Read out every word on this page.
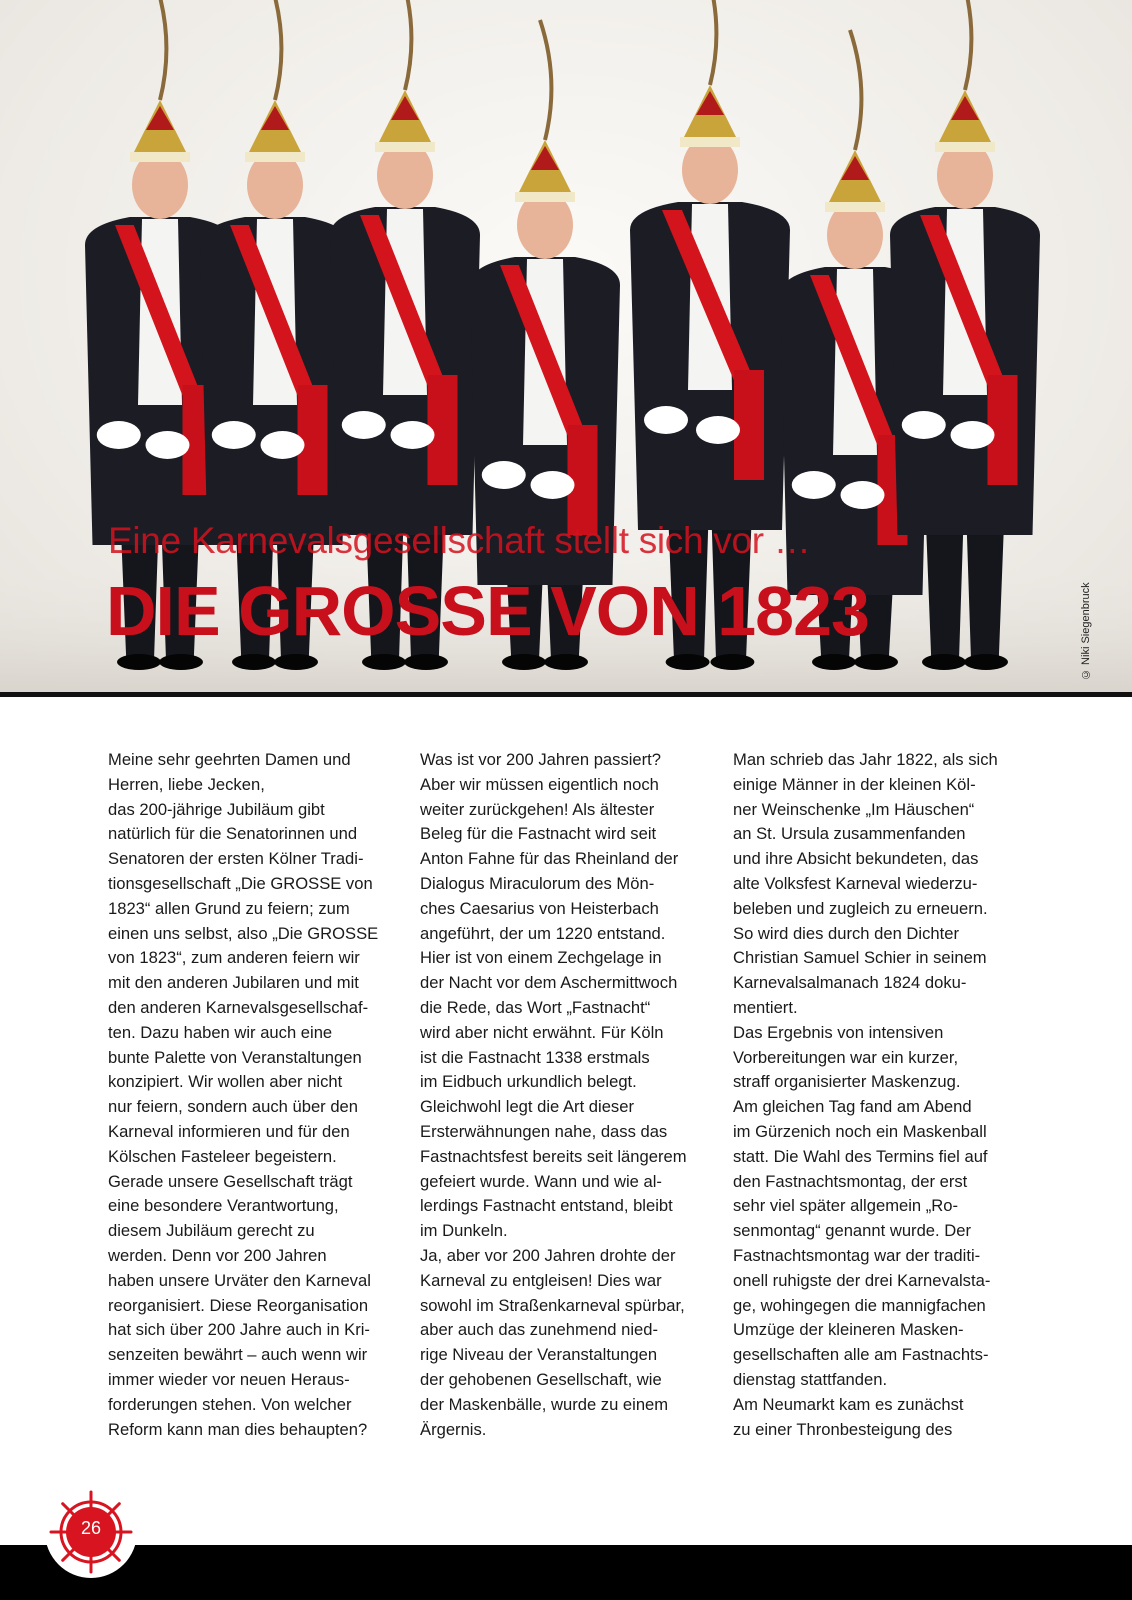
Eine Karnevalsgesellschaft stellt sich vor …
DIE GROSSE VON 1823	© Niki Siegenbruck
Meine sehr geehrten Damen und
Herren, liebe Jecken,
das 200-jährige Jubiläum gibt
natürlich für die Senatorinnen und
Senatoren der ersten Kölner Tradi-
tionsgesellschaft „Die GROSSE von
1823“ allen Grund zu feiern; zum
einen uns selbst, also „Die GROSSE
von 1823“, zum anderen feiern wir
mit den anderen Jubilaren und mit
den anderen Karnevalsgesellschaf-
ten. Dazu haben wir auch eine
bunte Palette von Veranstaltungen
konzipiert. Wir wollen aber nicht
nur feiern, sondern auch über den
Karneval informieren und für den
Kölschen Fasteleer begeistern.
Gerade unsere Gesellschaft trägt
eine besondere Verantwortung,
diesem Jubiläum gerecht zu
werden. Denn vor 200 Jahren
haben unsere Urväter den Karneval
reorganisiert. Diese Reorganisation
hat sich über 200 Jahre auch in Kri-
senzeiten bewährt – auch wenn wir
immer wieder vor neuen Heraus-
forderungen stehen. Von welcher
Reform kann man dies behaupten?
Was ist vor 200 Jahren passiert?
Aber wir müssen eigentlich noch
weiter zurückgehen! Als ältester
Beleg für die Fastnacht wird seit
Anton Fahne für das Rheinland der
Dialogus Miraculorum des Mön-
ches Caesarius von Heisterbach
angeführt, der um 1220 entstand.
Hier ist von einem Zechgelage in
der Nacht vor dem Aschermittwoch
die Rede, das Wort „Fastnacht“
wird aber nicht erwähnt. Für Köln
ist die Fastnacht 1338 erstmals
im Eidbuch urkundlich belegt.
Gleichwohl legt die Art dieser
Ersterwähnungen nahe, dass das
Fastnachtsfest bereits seit längerem
gefeiert wurde. Wann und wie al-
lerdings Fastnacht entstand, bleibt
im Dunkeln.
Ja, aber vor 200 Jahren drohte der
Karneval zu entgleisen! Dies war
sowohl im Straßenkarneval spürbar,
aber auch das zunehmend nied-
rige Niveau der Veranstaltungen
der gehobenen Gesellschaft, wie
der Maskenbälle, wurde zu einem
Ärgernis.
Man schrieb das Jahr 1822, als sich
einige Männer in der kleinen Köl-
ner Weinschenke „Im Häuschen“
an St. Ursula zusammenfanden
und ihre Absicht bekundeten, das
alte Volksfest Karneval wiederzu-
beleben und zugleich zu erneuern.
So wird dies durch den Dichter
Christian Samuel Schier in seinem
Karnevalsalmanach 1824 doku-
mentiert.
Das Ergebnis von intensiven
Vorbereitungen war ein kurzer,
straff organisierter Maskenzug.
Am gleichen Tag fand am Abend
im Gürzenich noch ein Maskenball
statt. Die Wahl des Termins fiel auf
den Fastnachtsmontag, der erst
sehr viel später allgemein „Ro-
senmontag“ genannt wurde. Der
Fastnachtsmontag war der traditi-
onell ruhigste der drei Karnevalsta-
ge, wohingegen die mannigfachen
Umzüge der kleineren Masken-
gesellschaften alle am Fastnachts-
dienstag stattfanden.
Am Neumarkt kam es zunächst
zu einer Thronbesteigung des
26
